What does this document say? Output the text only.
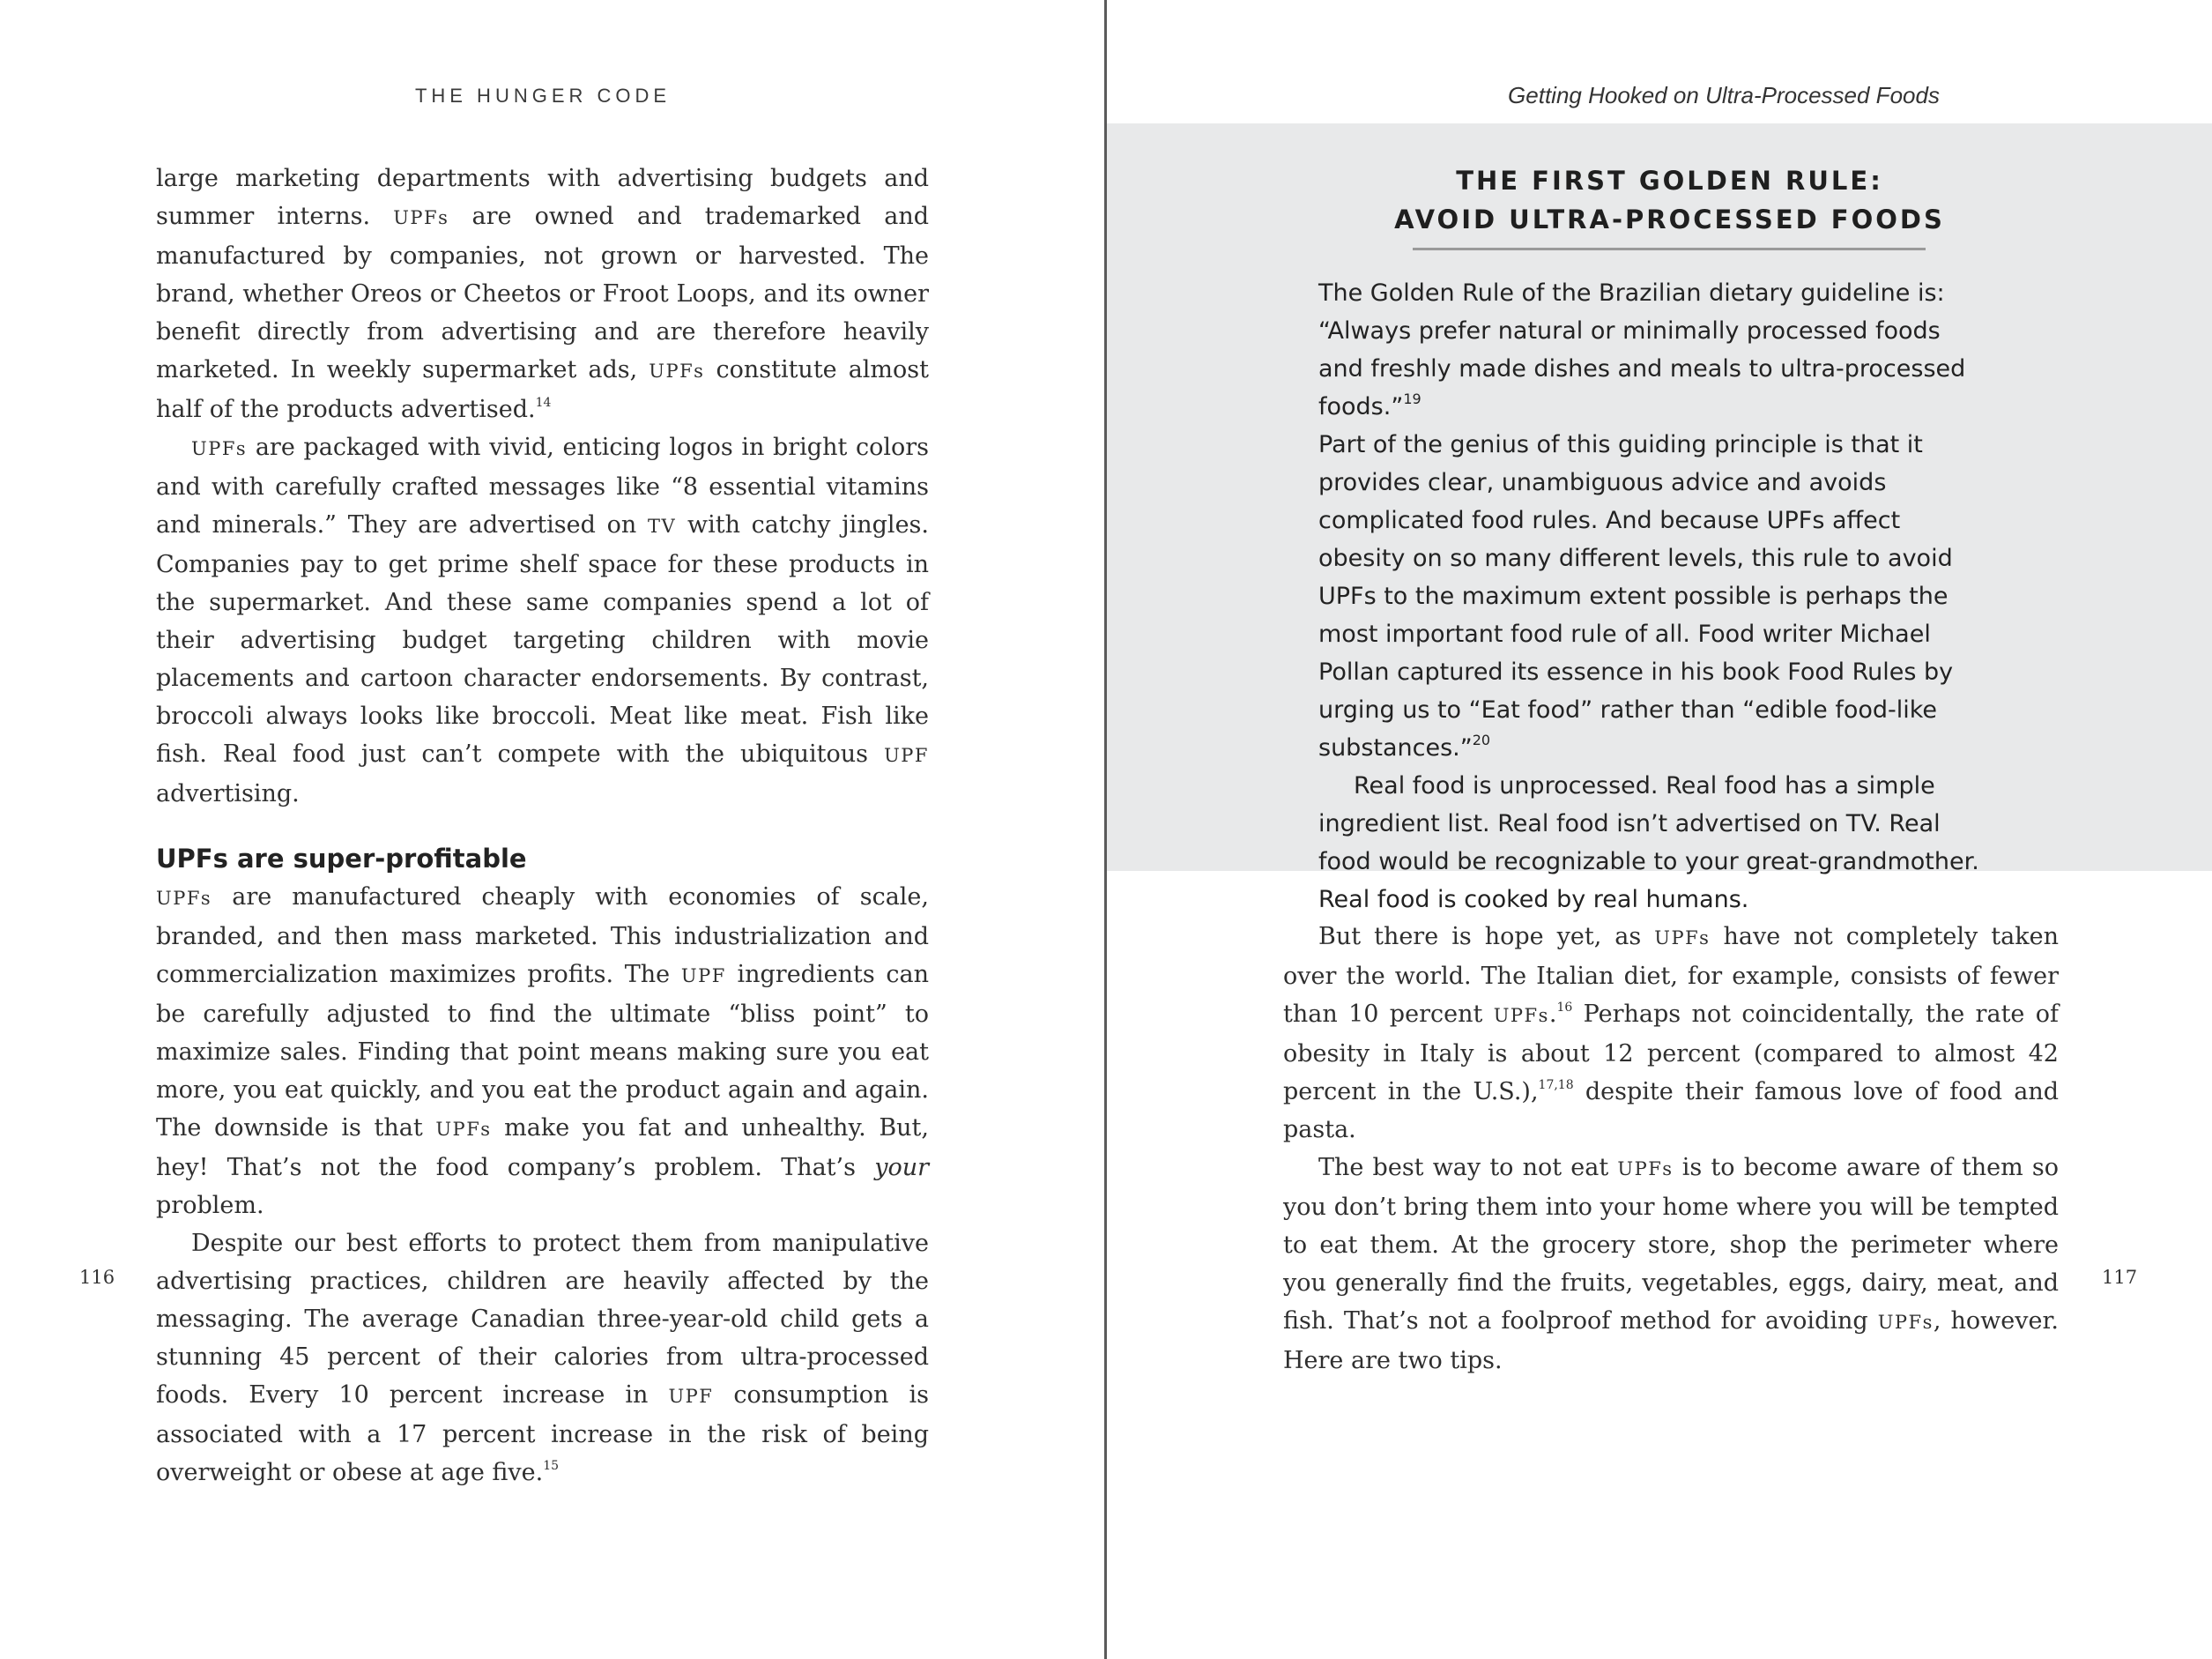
THE HUNGER CODE

large marketing departments with advertising budgets and summer interns. UPFs are owned and trademarked and manufactured by companies, not grown or harvested. The brand, whether Oreos or Cheetos or Froot Loops, and its owner benefit directly from advertising and are therefore heavily marketed. In weekly supermarket ads, UPFs constitute almost half of the products advertised.$^{14}$

UPFs are packaged with vivid, enticing logos in bright colors and with carefully crafted messages like “8 essential vitamins and minerals.” They are advertised on TV with catchy jingles. Companies pay to get prime shelf space for these products in the supermarket. And these same companies spend a lot of their advertising budget targeting children with movie placements and cartoon character endorsements. By contrast, broccoli always looks like broccoli. Meat like meat. Fish like fish. Real food just can’t compete with the ubiquitous UPF advertising.

UPFs are super-profitable

UPFs are manufactured cheaply with economies of scale, branded, and then mass marketed. This industrialization and commercialization maximizes profits. The UPF ingredients can be carefully adjusted to find the ultimate “bliss point” to maximize sales. Finding that point means making sure you eat more, you eat quickly, and you eat the product again and again. The downside is that UPFs make you fat and unhealthy. But, hey! That’s not the food company’s problem. That’s your problem.

Despite our best efforts to protect them from manipulative advertising practices, children are heavily affected by the messaging. The average Canadian three-year-old child gets a stunning 45 percent of their calories from ultra-processed foods. Every 10 percent increase in UPF consumption is associated with a 17 percent increase in the risk of being overweight or obese at age five.$^{15}$

116
Getting Hooked on Ultra-Processed Foods
THE FIRST GOLDEN RULE:
AVOID ULTRA-PROCESSED FOODS

The Golden Rule of the Brazilian dietary guideline is: “Always prefer natural or minimally processed foods and freshly made dishes and meals to ultra-processed foods.”$^{19}$

Part of the genius of this guiding principle is that it provides clear, unambiguous advice and avoids complicated food rules. And because UPFs affect obesity on so many different levels, this rule to avoid UPFs to the maximum extent possible is perhaps the most important food rule of all. Food writer Michael Pollan captured its essence in his book Food Rules by urging us to “Eat food” rather than “edible food-like substances.”$^{20}$

Real food is unprocessed. Real food has a simple ingredient list. Real food isn’t advertised on TV. Real food would be recognizable to your great-grandmother. Real food is cooked by real humans.

But there is hope yet, as UPFs have not completely taken over the world. The Italian diet, for example, consists of fewer than 10 percent UPFs.$^{16}$ Perhaps not coincidentally, the rate of obesity in Italy is about 12 percent (compared to almost 42 percent in the U.S.),$^{17,18}$ despite their famous love of food and pasta.

The best way to not eat UPFs is to become aware of them so you don’t bring them into your home where you will be tempted to eat them. At the grocery store, shop the perimeter where you generally find the fruits, vegetables, eggs, dairy, meat, and fish. That’s not a foolproof method for avoiding UPFs, however. Here are two tips.

117
